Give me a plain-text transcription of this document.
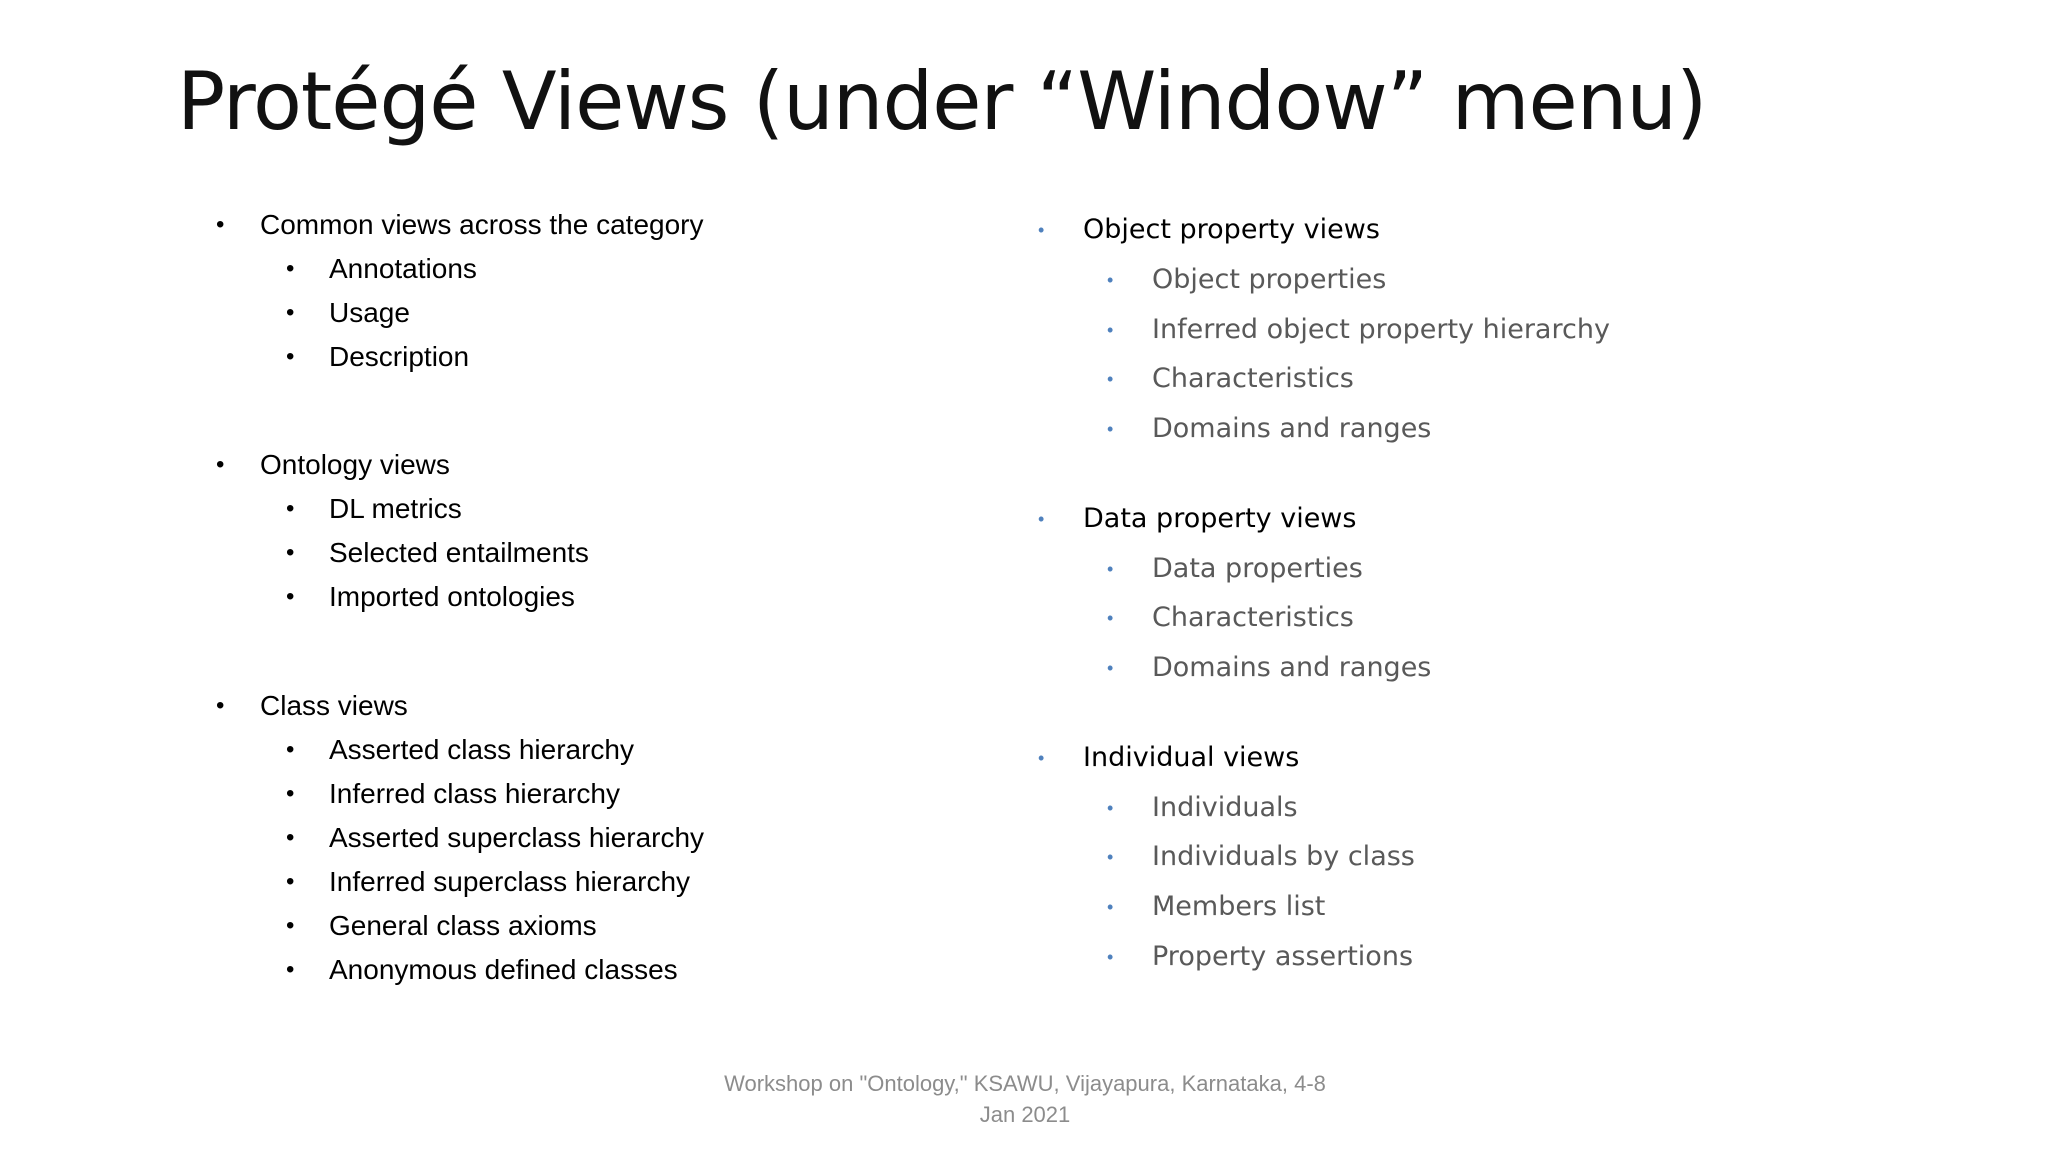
Protégé Views (under “Window” menu)
• Common views across the category
• Annotations
• Usage
• Description
• Ontology views
• DL metrics
• Selected entailments
• Imported ontologies
• Class views
• Asserted class hierarchy
• Inferred class hierarchy
• Asserted superclass hierarchy
• Inferred superclass hierarchy
• General class axioms
• Anonymous defined classes
• Object property views
• Object properties
• Inferred object property hierarchy
• Characteristics
• Domains and ranges
• Data property views
• Data properties
• Characteristics
• Domains and ranges
• Individual views
• Individuals
• Individuals by class
• Members list
• Property assertions
Workshop on "Ontology," KSAWU, Vijayapura, Karnataka, 4-8
Jan 2021
